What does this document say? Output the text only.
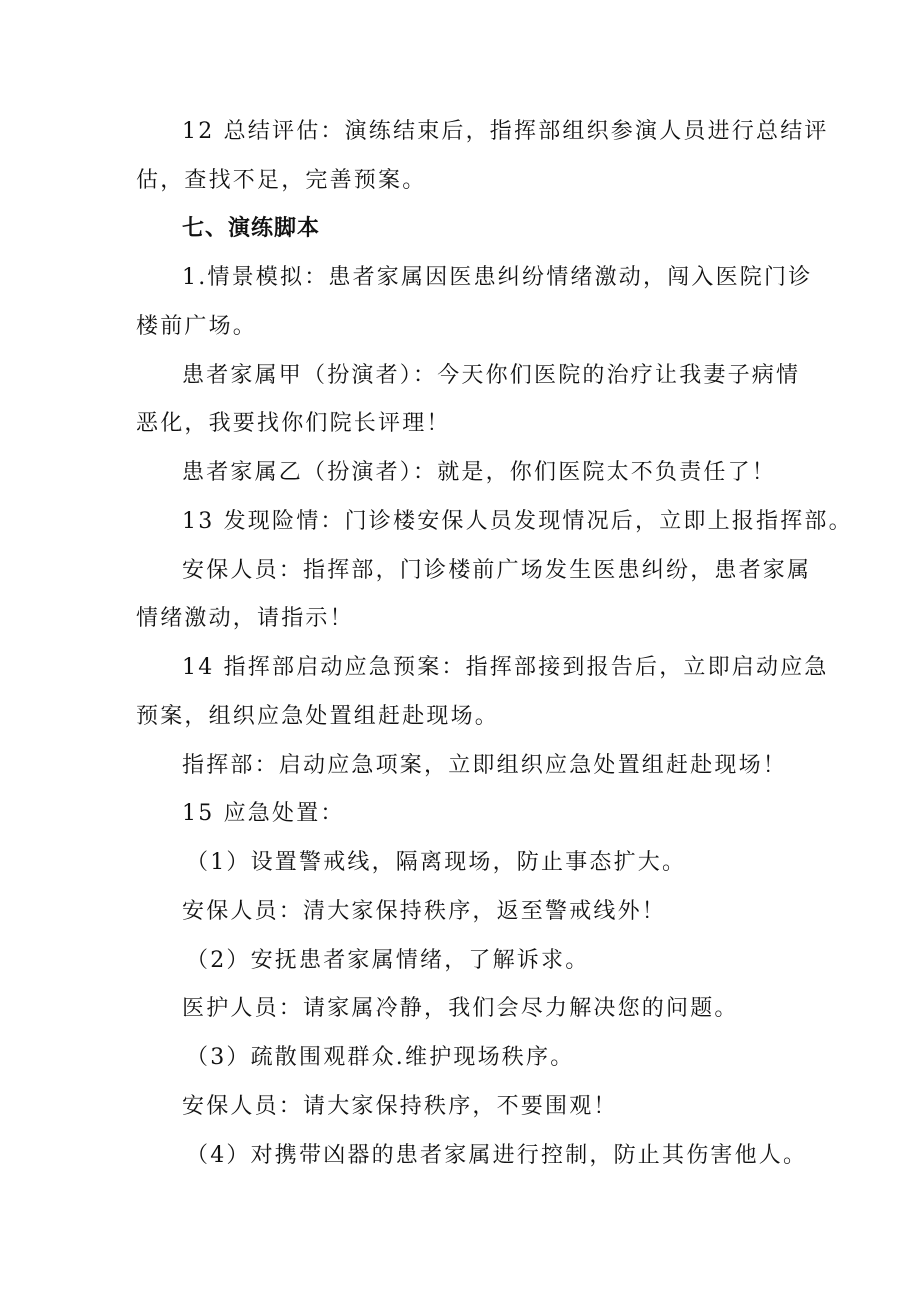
12 总结评估：演练结束后，指挥部组织参演人员进行总结评
估，查找不足，完善预案。
七、演练脚本
1.情景模拟：患者家属因医患纠纷情绪激动，闯入医院门诊
楼前广场。
患者家属甲（扮演者）：今天你们医院的治疗让我妻子病情
恶化，我要找你们院长评理！
患者家属乙（扮演者）：就是，你们医院太不负责任了！
13 发现险情：门诊楼安保人员发现情况后，立即上报指挥部。
安保人员：指挥部，门诊楼前广场发生医患纠纷，患者家属
情绪激动，请指示！
14 指挥部启动应急预案：指挥部接到报告后，立即启动应急
预案，组织应急处置组赶赴现场。
指挥部：启动应急项案，立即组织应急处置组赶赴现场！
15 应急处置：
（1）设置警戒线，隔离现场，防止事态扩大。
安保人员：清大家保持秩序，返至警戒线外！
（2）安抚患者家属情绪，了解诉求。
医护人员：请家属冷静，我们会尽力解决您的问题。
（3）疏散围观群众.维护现场秩序。
安保人员：请大家保持秩序，不要围观！
（4）对携带凶器的患者家属进行控制，防止其伤害他人。
